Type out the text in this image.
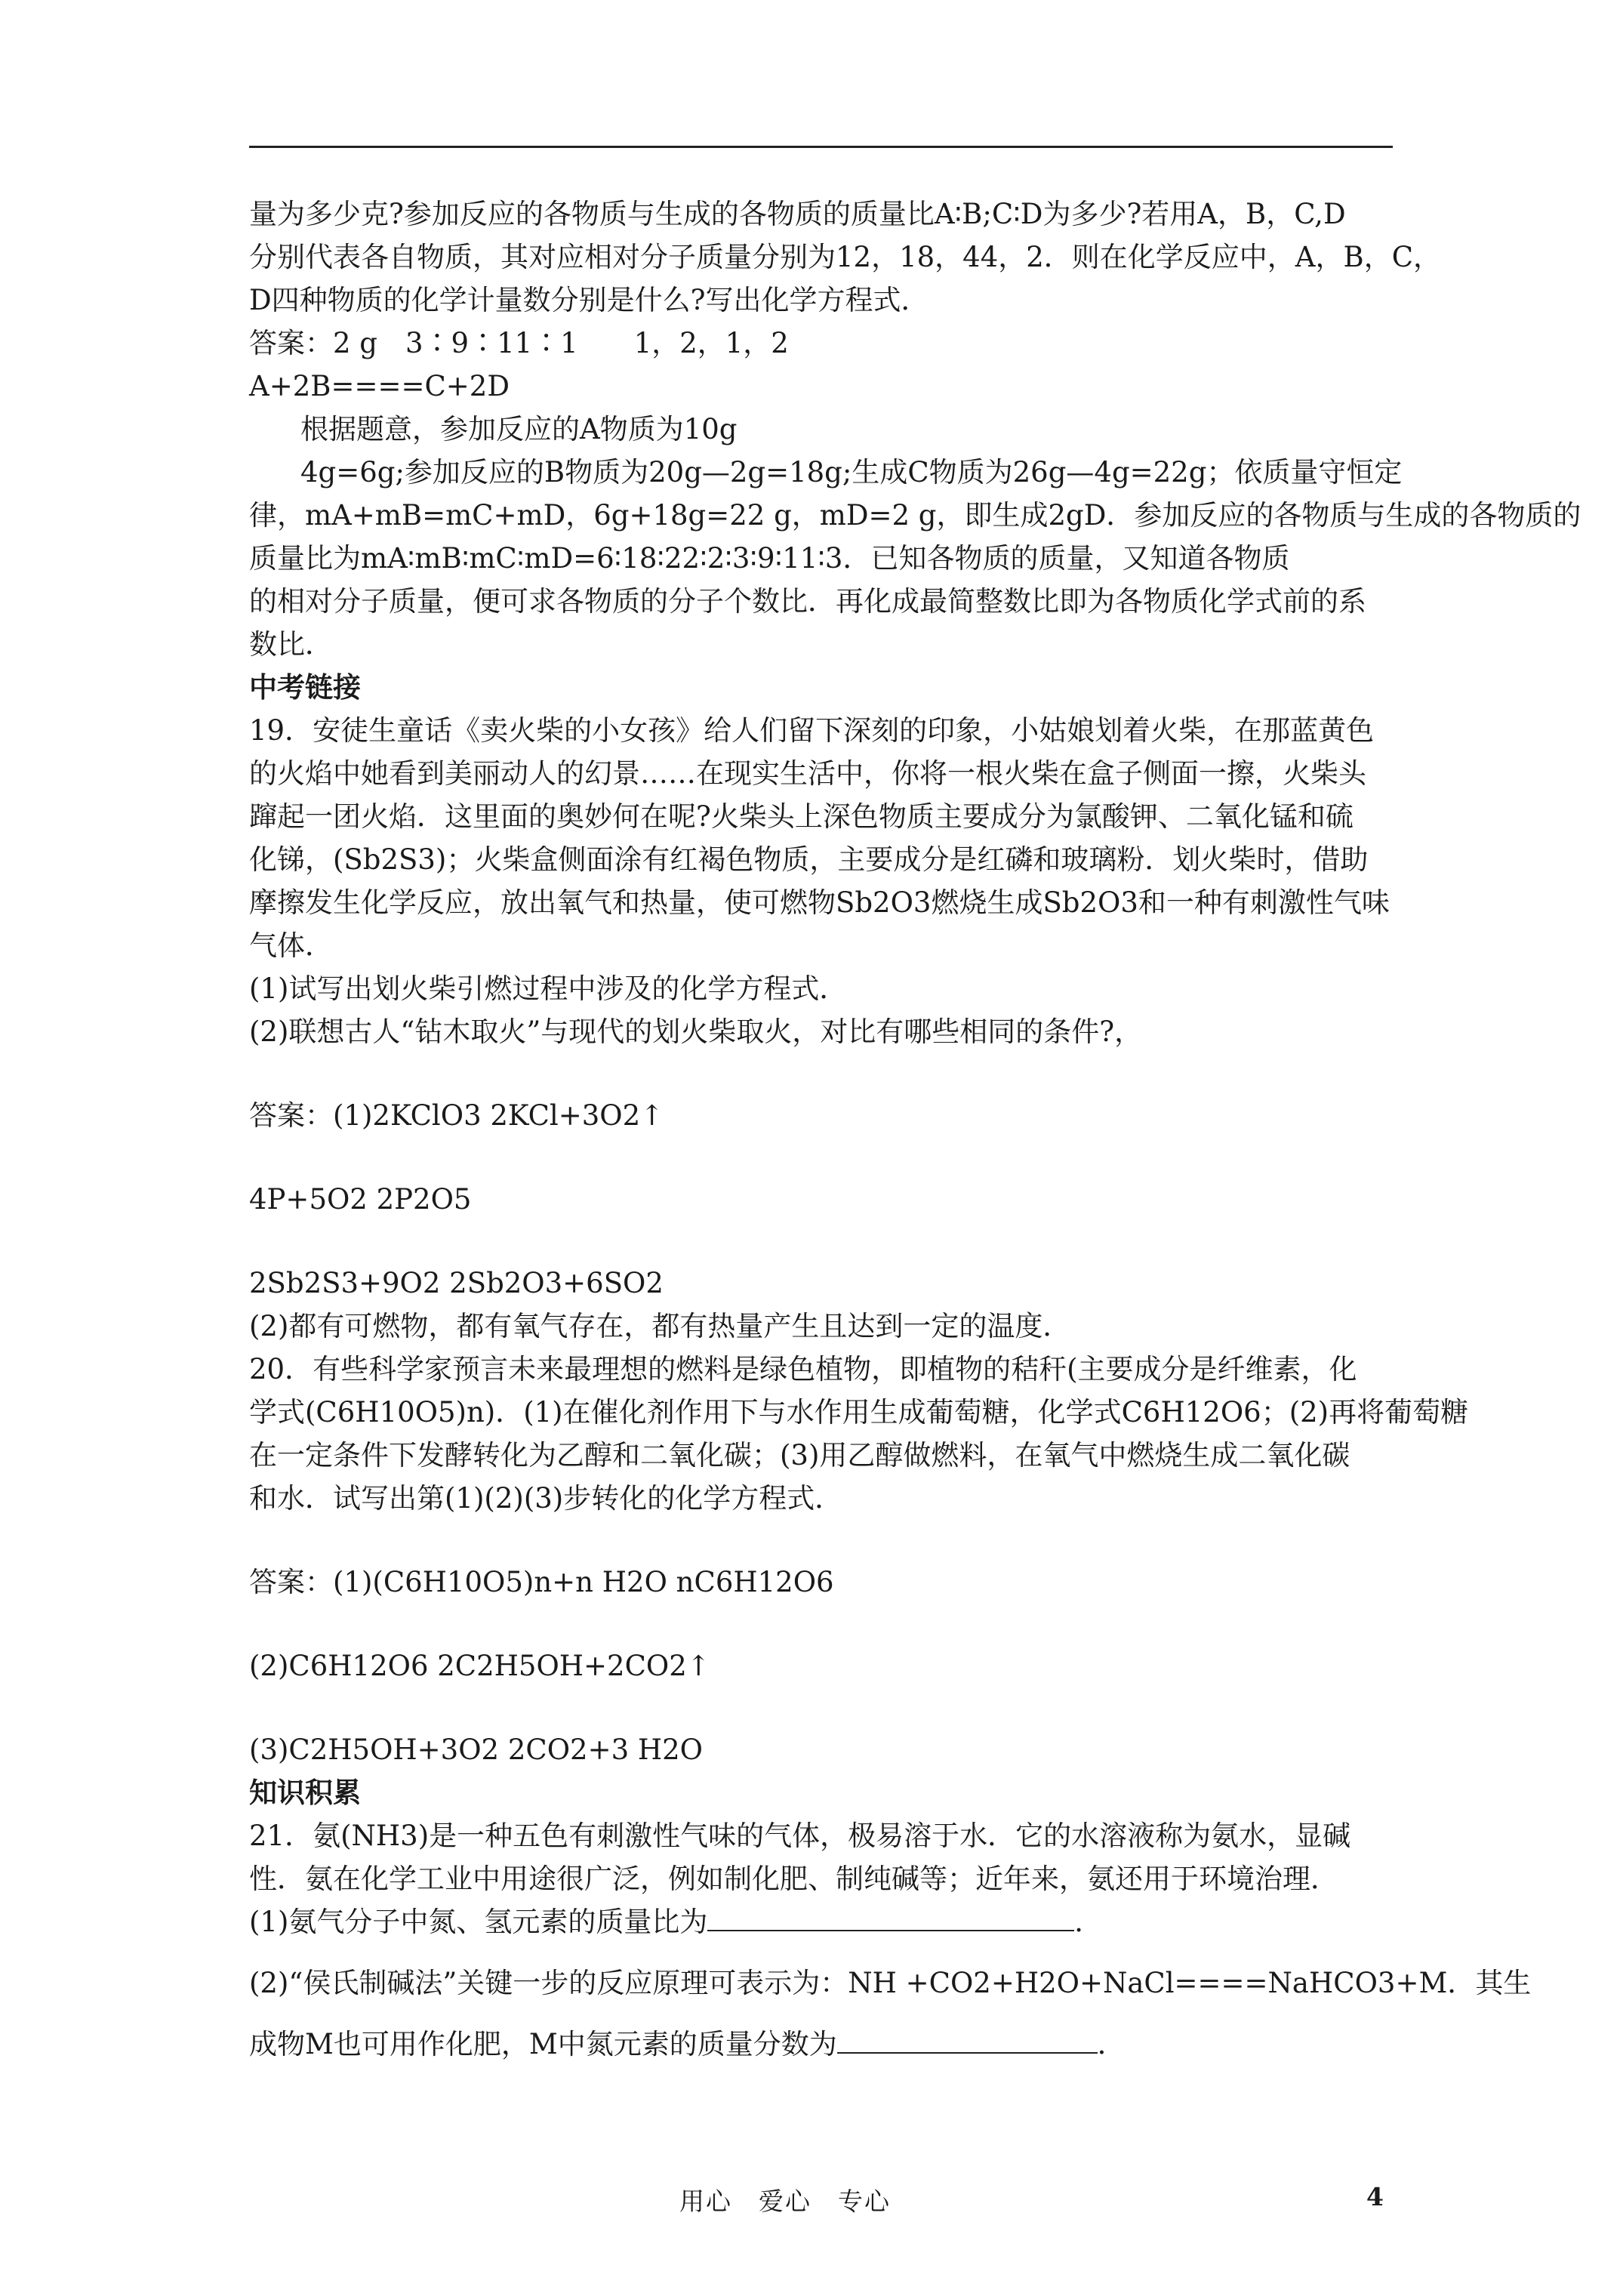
量为多少克?参加反应的各物质与生成的各物质的质量比A∶B;C∶D为多少?若用A，B，C,D
分别代表各自物质，其对应相对分子质量分别为12，18，44，2．则在化学反应中，A，B，C，
D四种物质的化学计量数分别是什么?写出化学方程式．
答案：2 g　3∶9∶11∶1　　1，2，1，2
A+2B====C+2D
根据题意，参加反应的A物质为10g
4g=6g;参加反应的B物质为20g—2g=18g;生成C物质为26g—4g=22g；依质量守恒定
律，mA+mB=mC+mD，6g+18g=22 g，mD=2 g，即生成2gD．参加反应的各物质与生成的各物质的
质量比为mA∶mB∶mC∶mD=6∶18∶22∶2∶3∶9∶11∶3．已知各物质的质量，又知道各物质
的相对分子质量，便可求各物质的分子个数比．再化成最简整数比即为各物质化学式前的系
数比．
中考链接
19．安徒生童话《卖火柴的小女孩》给人们留下深刻的印象，小姑娘划着火柴，在那蓝黄色
的火焰中她看到美丽动人的幻景……在现实生活中，你将一根火柴在盒子侧面一擦，火柴头
蹿起一团火焰．这里面的奥妙何在呢?火柴头上深色物质主要成分为氯酸钾、二氧化锰和硫
化锑，(Sb2S3)；火柴盒侧面涂有红褐色物质，主要成分是红磷和玻璃粉．划火柴时，借助
摩擦发生化学反应，放出氧气和热量，使可燃物Sb2O3燃烧生成Sb2O3和一种有刺激性气味
气体．
(1)试写出划火柴引燃过程中涉及的化学方程式．
(2)联想古人“钻木取火”与现代的划火柴取火，对比有哪些相同的条件?，
答案：(1)2KClO3 2KCl+3O2↑
4P+5O2 2P2O5
2Sb2S3+9O2 2Sb2O3+6SO2
(2)都有可燃物，都有氧气存在，都有热量产生且达到一定的温度．
20．有些科学家预言未来最理想的燃料是绿色植物，即植物的秸秆(主要成分是纤维素，化
学式(C6H10O5)n)．(1)在催化剂作用下与水作用生成葡萄糖，化学式C6H12O6；(2)再将葡萄糖
在一定条件下发酵转化为乙醇和二氧化碳；(3)用乙醇做燃料，在氧气中燃烧生成二氧化碳
和水．试写出第(1)(2)(3)步转化的化学方程式．
答案：(1)(C6H10O5)n+n H2O nC6H12O6
(2)C6H12O6 2C2H5OH+2CO2↑
(3)C2H5OH+3O2 2CO2+3 H2O
知识积累
21．氨(NH3)是一种五色有刺激性气味的气体，极易溶于水．它的水溶液称为氨水，显碱
性．氨在化学工业中用途很广泛，例如制化肥、制纯碱等；近年来，氨还用于环境治理．
(1)氨气分子中氮、氢元素的质量比为	．
(2)“侯氏制碱法”关键一步的反应原理可表示为：NH +CO2+H2O+NaCl====NaHCO3+M．其生
成物M也可用作化肥，M中氮元素的质量分数为	．
用心　爱心　专心	4
